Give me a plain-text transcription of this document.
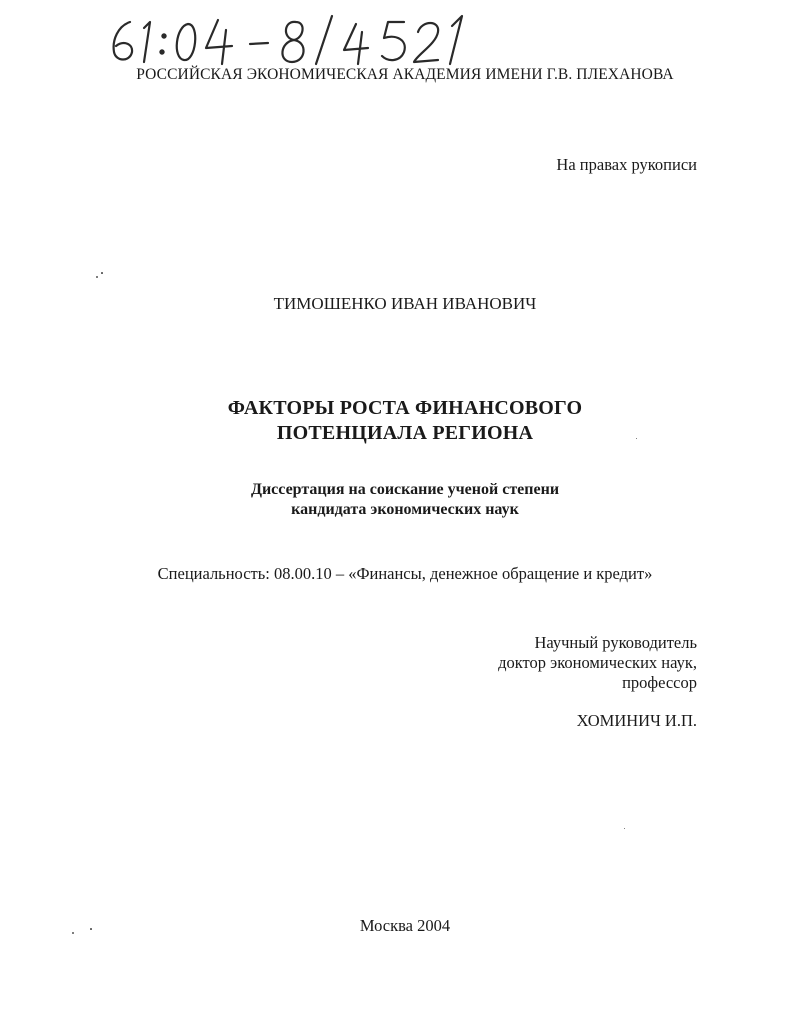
РОССИЙСКАЯ ЭКОНОМИЧЕСКАЯ АКАДЕМИЯ ИМЕНИ Г.В. ПЛЕХАНОВА
На правах рукописи
ТИМОШЕНКО ИВАН ИВАНОВИЧ
ФАКТОРЫ РОСТА ФИНАНСОВОГО
ПОТЕНЦИАЛА РЕГИОНА
Диссертация на соискание ученой степени
кандидата экономических наук
Специальность: 08.00.10 – «Финансы, денежное обращение и кредит»
Научный руководитель
доктор экономических наук,
профессор
ХОМИНИЧ И.П.
Москва 2004
